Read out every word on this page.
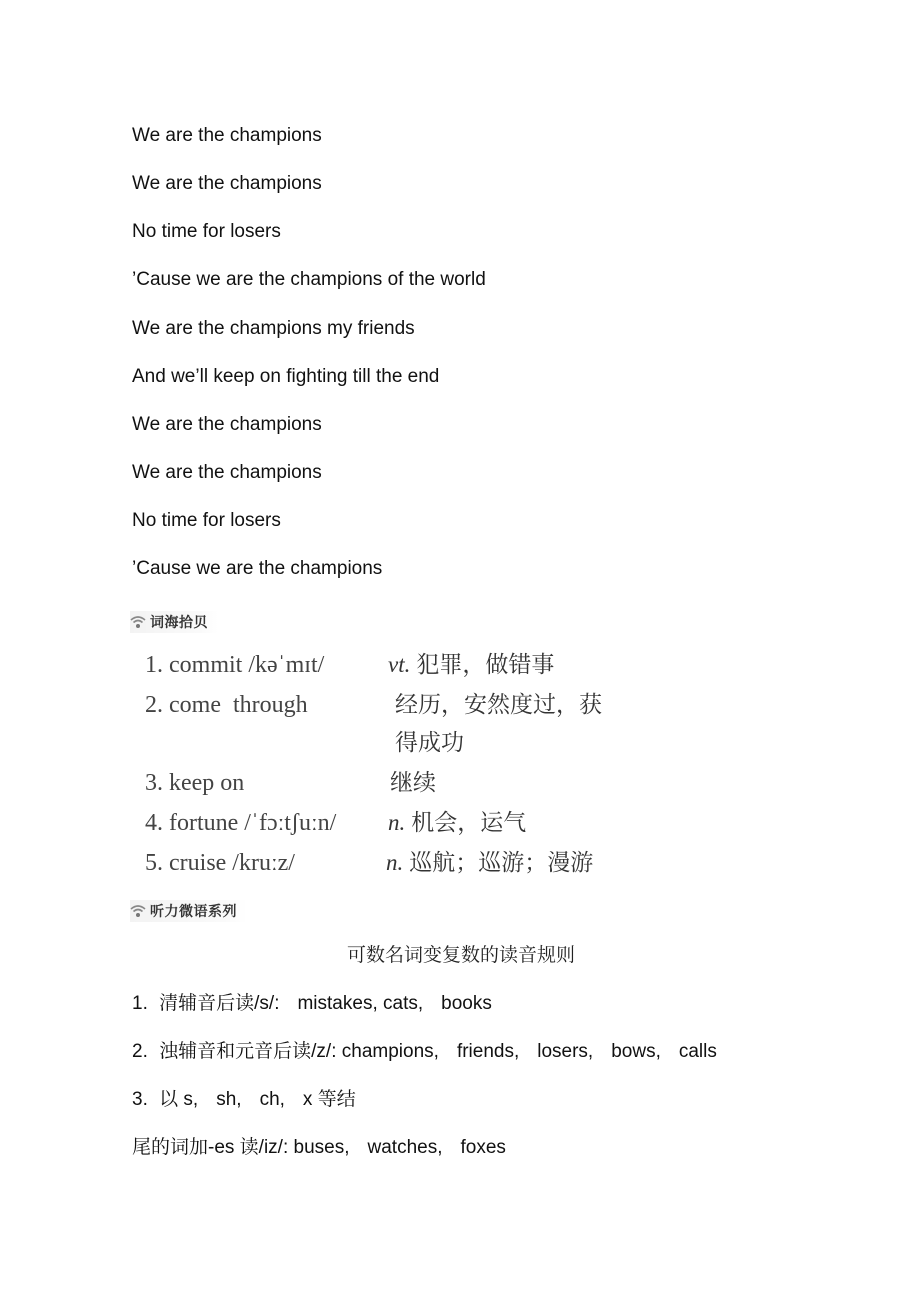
We are the champions
We are the champions
No time for losers
’Cause we are the champions of the world
We are the champions my friends
And we’ll keep on fighting till the end
We are the champions
We are the champions
No time for losers
’Cause we are the champions
词海拾贝
1. commit /kəˈmɪt/	vt. 犯罪，做错事
2. come  through	经历，安然度过，获
得成功
3. keep on	继续
4. fortune /ˈfɔːtʃuːn/ n. 机会，运气
5. cruise /kruːz/	n. 巡航；巡游；漫游
听力微语系列
可数名词变复数的读音规则
1. 清辅音后读/s/: mistakes, cats, books
2. 浊辅音和元音后读/z/: champions, friends, losers, bows, calls
3. 以 s, sh, ch, x 等结
尾的词加-es 读/iz/: buses, watches, foxes
